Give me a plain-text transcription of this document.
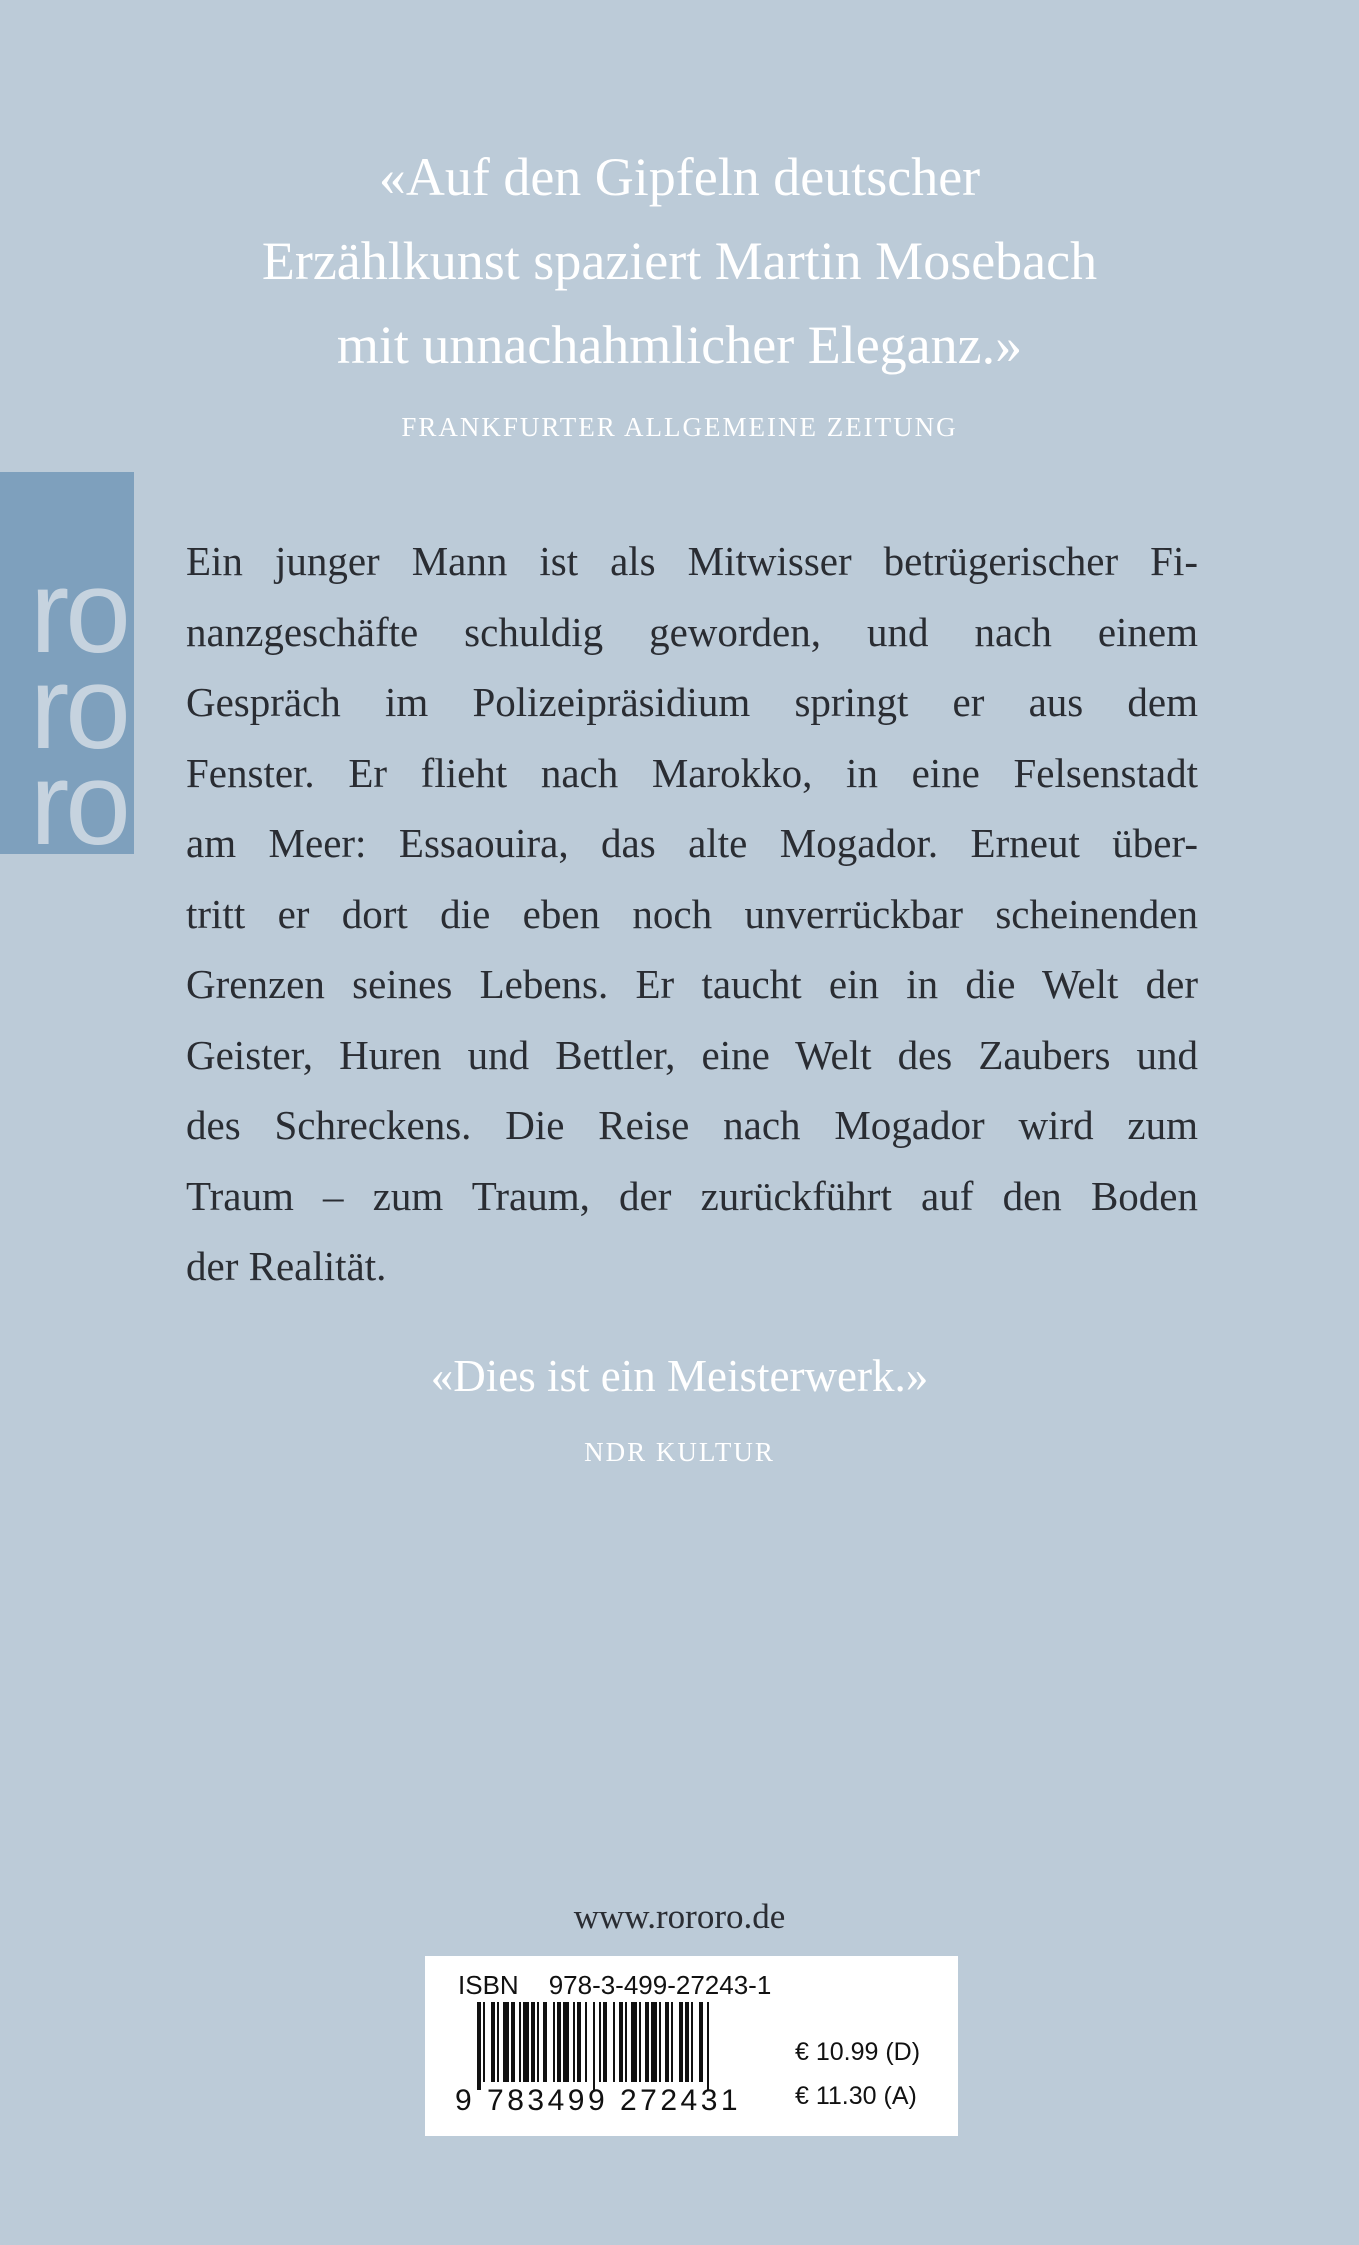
«Auf den Gipfeln deutscher
Erzählkunst spaziert Martin Mosebach
mit unnachahmlicher Eleganz.»
FRANKFURTER ALLGEMEINE ZEITUNG
ro
ro
ro
Ein junger Mann ist als Mitwisser betrügerischer Fi-
nanzgeschäfte schuldig geworden, und nach einem
Gespräch im Polizeipräsidium springt er aus dem
Fenster. Er flieht nach Marokko, in eine Felsenstadt
am Meer: Essaouira, das alte Mogador. Erneut über-
tritt er dort die eben noch unverrückbar scheinenden
Grenzen seines Lebens. Er taucht ein in die Welt der
Geister, Huren und Bettler, eine Welt des Zaubers und
des Schreckens. Die Reise nach Mogador wird zum
Traum – zum Traum, der zurückführt auf den Boden
der Realität.
«Dies ist ein Meisterwerk.»
NDR KULTUR
www.rororo.de
ISBN 978-3-499-27243-1
9 783499 272431
€ 10.99 (D)
€ 11.30 (A)
